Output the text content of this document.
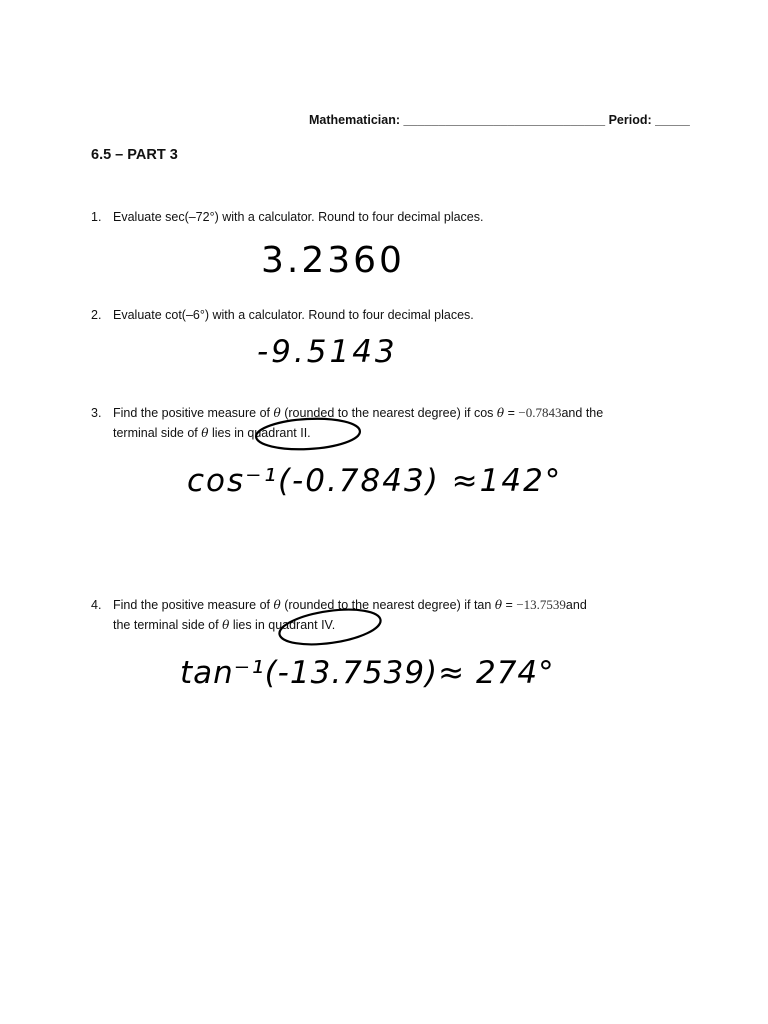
Mathematician: _____________________________ Period: _____
6.5 – PART 3
1. Evaluate sec(–72°) with a calculator. Round to four decimal places.
3.2360
2. Evaluate cot(–6°) with a calculator. Round to four decimal places.
-9.5143
3. Find the positive measure of θ (rounded to the nearest degree) if cos θ = −0.7843and the
terminal side of θ lies in quadrant II.
cos⁻¹(-0.7843) ≈142°
4. Find the positive measure of θ (rounded to the nearest degree) if tan θ = −13.7539and
the terminal side of θ lies in quadrant IV.
tan⁻¹(-13.7539)≈ 274°
